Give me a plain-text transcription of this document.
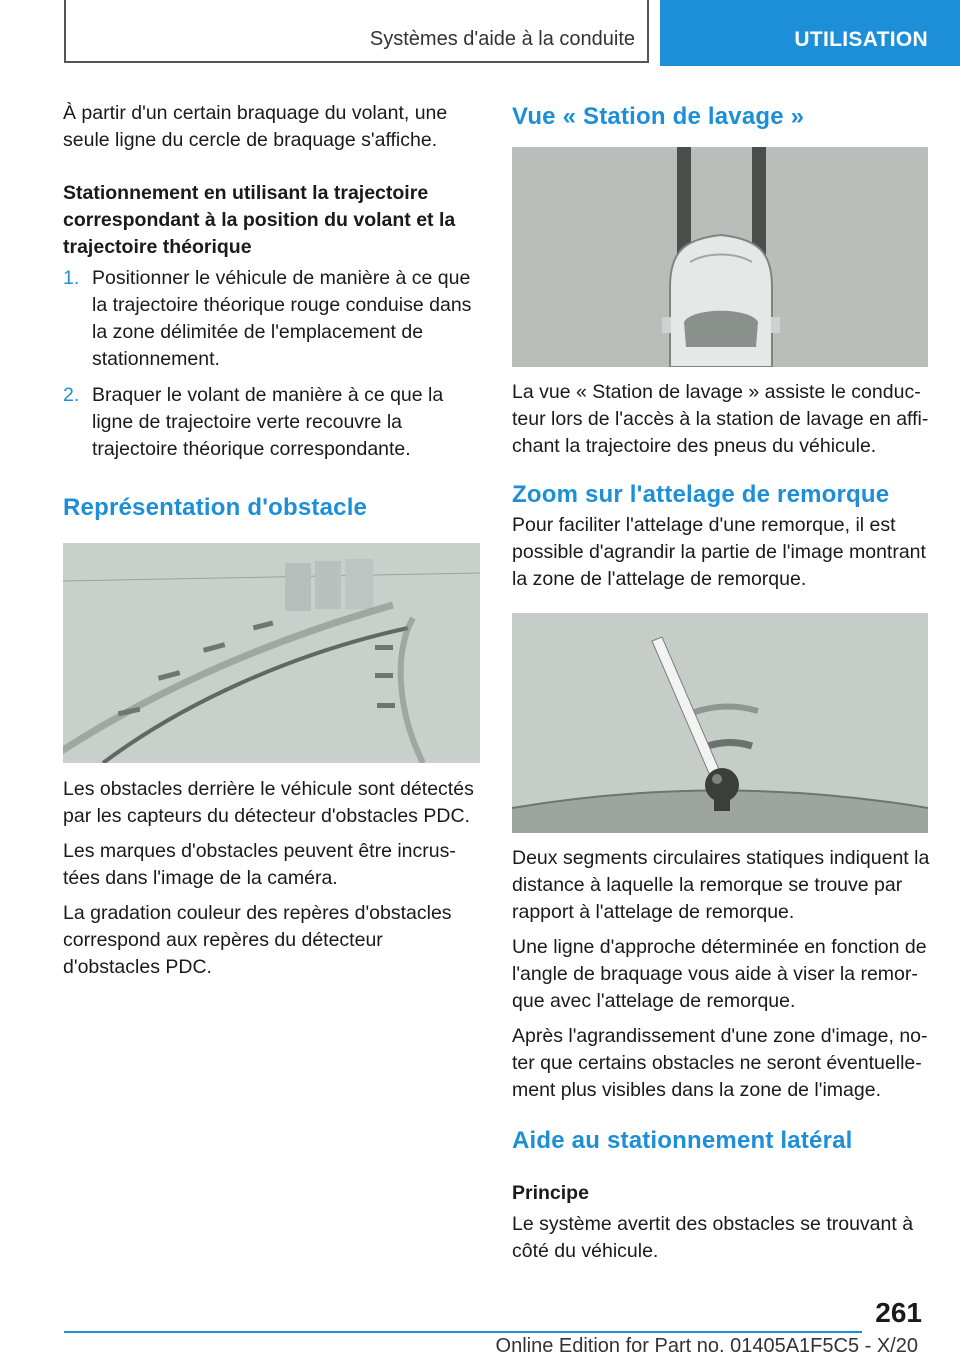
Systèmes d'aide à la conduite	UTILISATION

À partir d'un certain braquage du volant, une seule ligne du cercle de braquage s'affiche.

Stationnement en utilisant la trajectoire correspondant à la position du volant et la trajectoire théorique

1. Positionner le véhicule de manière à ce que la trajectoire théorique rouge conduise dans la zone délimitée de l'emplacement de stationnement.
2. Braquer le volant de manière à ce que la ligne de trajectoire verte recouvre la trajectoire théorique correspondante.

Représentation d'obstacle

Les obstacles derrière le véhicule sont détectés par les capteurs du détecteur d'obstacles PDC.

Les marques d'obstacles peuvent être incrustées dans l'image de la caméra.

La gradation couleur des repères d'obstacles correspond aux repères du détecteur d'obstacles PDC.

Vue « Station de lavage »

La vue « Station de lavage » assiste le conducteur lors de l'accès à la station de lavage en affichant la trajectoire des pneus du véhicule.

Zoom sur l'attelage de remorque

Pour faciliter l'attelage d'une remorque, il est possible d'agrandir la partie de l'image montrant la zone de l'attelage de remorque.

Deux segments circulaires statiques indiquent la distance à laquelle la remorque se trouve par rapport à l'attelage de remorque.

Une ligne d'approche déterminée en fonction de l'angle de braquage vous aide à viser la remorque avec l'attelage de remorque.

Après l'agrandissement d'une zone d'image, noter que certains obstacles ne seront éventuellement plus visibles dans la zone de l'image.

Aide au stationnement latéral

Principe

Le système avertit des obstacles se trouvant à côté du véhicule.

261
Online Edition for Part no. 01405A1F5C5 - X/20
